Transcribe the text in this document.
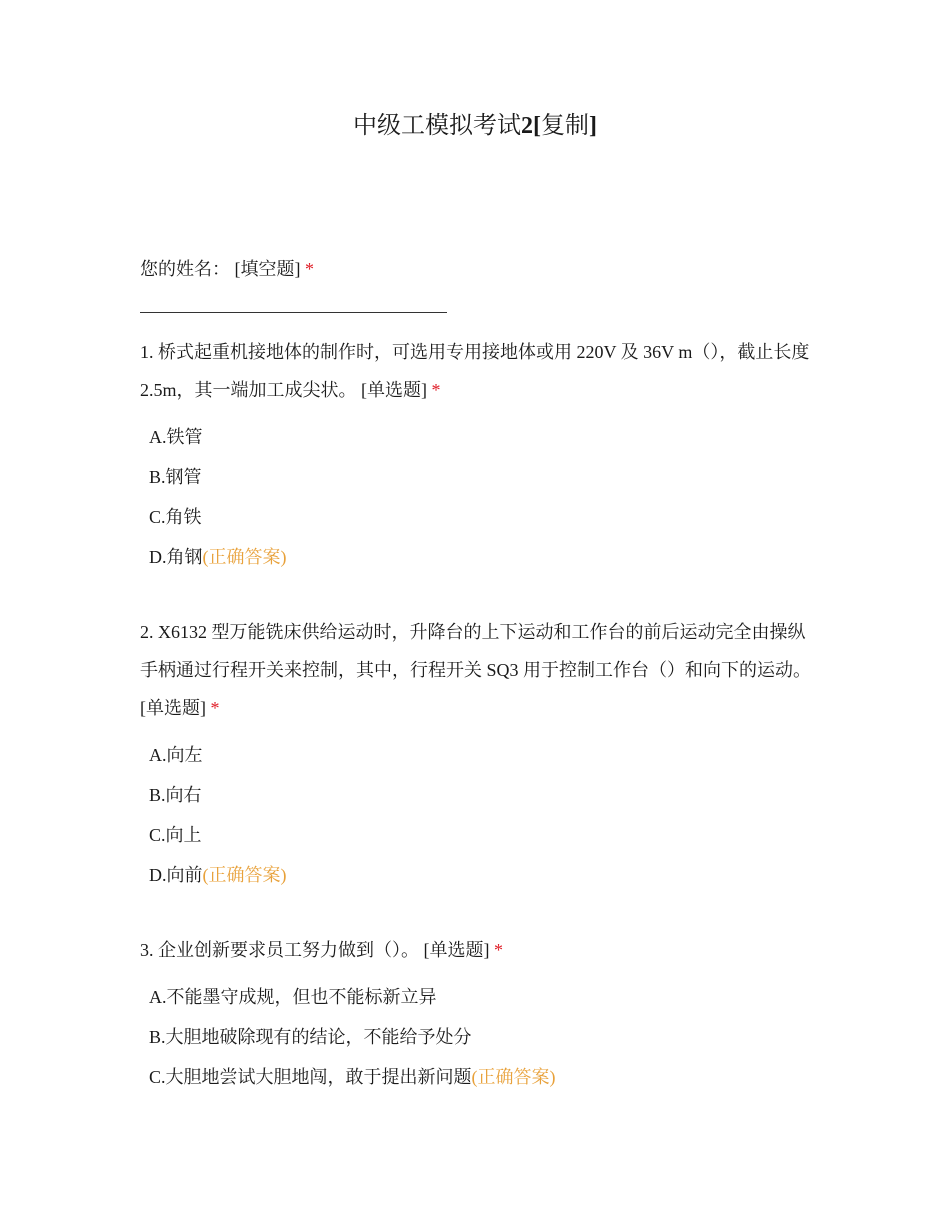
中级工模拟考试2[复制]
您的姓名： [填空题] *
1. 桥式起重机接地体的制作时，可选用专用接地体或用 220V 及 36V m（），截止长度 2.5m，其一端加工成尖状。 [单选题] *
A.铁管
B.钢管
C.角铁
D.角钢(正确答案)
2. X6132 型万能铣床供给运动时，升降台的上下运动和工作台的前后运动完全由操纵手柄通过行程开关来控制，其中，行程开关 SQ3 用于控制工作台（）和向下的运动。 [单选题] *
A.向左
B.向右
C.向上
D.向前(正确答案)
3. 企业创新要求员工努力做到（）。 [单选题] *
A.不能墨守成规，但也不能标新立异
B.大胆地破除现有的结论，不能给予处分
C.大胆地尝试大胆地闯，敢于提出新问题(正确答案)
